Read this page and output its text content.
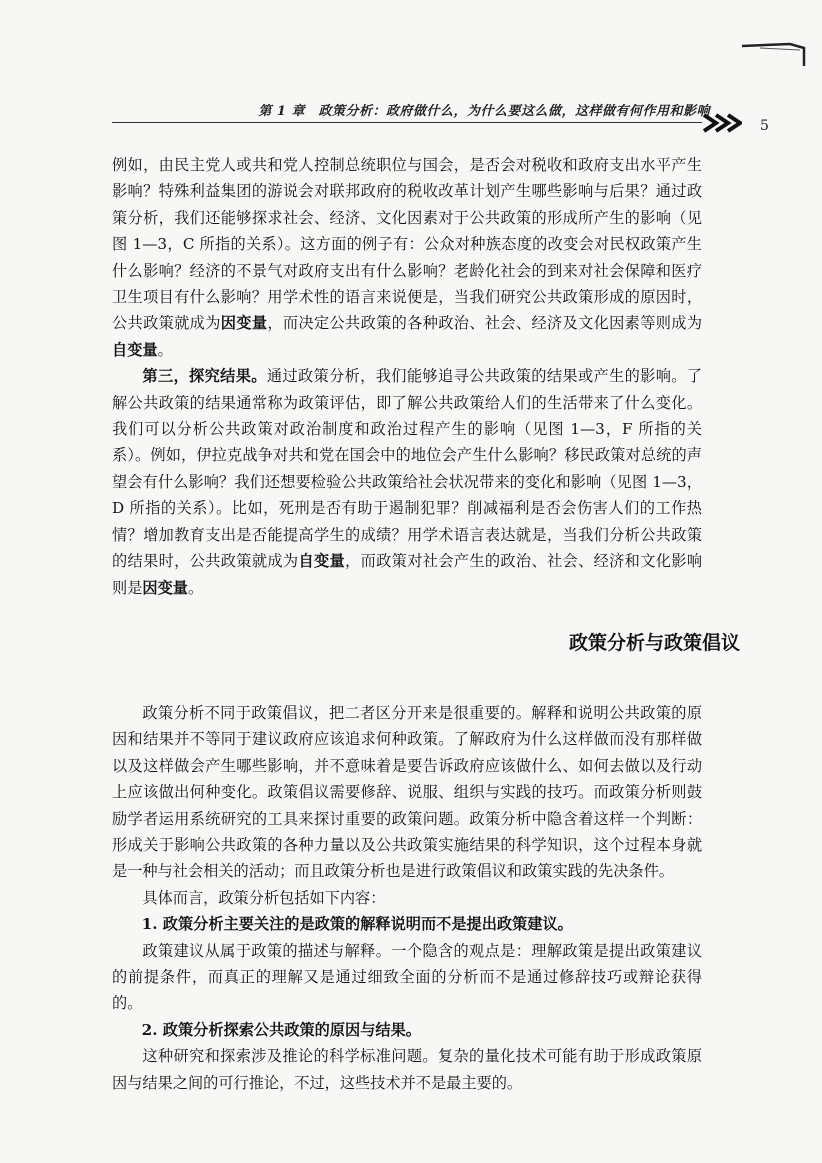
第 1 章　政策分析：政府做什么，为什么要这么做，这样做有何作用和影响
5

例如，由民主党人或共和党人控制总统职位与国会，是否会对税收和政府支出水平产生影响？特殊利益集团的游说会对联邦政府的税收改革计划产生哪些影响与后果？通过政策分析，我们还能够探求社会、经济、文化因素对于公共政策的形成所产生的影响（见图 1—3，C 所指的关系）。这方面的例子有：公众对种族态度的改变会对民权政策产生什么影响？经济的不景气对政府支出有什么影响？老龄化社会的到来对社会保障和医疗卫生项目有什么影响？用学术性的语言来说便是，当我们研究公共政策形成的原因时，公共政策就成为因变量，而决定公共政策的各种政治、社会、经济及文化因素等则成为自变量。

第三，探究结果。通过政策分析，我们能够追寻公共政策的结果或产生的影响。了解公共政策的结果通常称为政策评估，即了解公共政策给人们的生活带来了什么变化。我们可以分析公共政策对政治制度和政治过程产生的影响（见图 1—3，F 所指的关系）。例如，伊拉克战争对共和党在国会中的地位会产生什么影响？移民政策对总统的声望会有什么影响？我们还想要检验公共政策给社会状况带来的变化和影响（见图 1—3，D 所指的关系）。比如，死刑是否有助于遏制犯罪？削减福利是否会伤害人们的工作热情？增加教育支出是否能提高学生的成绩？用学术语言表达就是，当我们分析公共政策的结果时，公共政策就成为自变量，而政策对社会产生的政治、社会、经济和文化影响则是因变量。

政策分析与政策倡议

政策分析不同于政策倡议，把二者区分开来是很重要的。解释和说明公共政策的原因和结果并不等同于建议政府应该追求何种政策。了解政府为什么这样做而没有那样做以及这样做会产生哪些影响，并不意味着是要告诉政府应该做什么、如何去做以及行动上应该做出何种变化。政策倡议需要修辞、说服、组织与实践的技巧。而政策分析则鼓励学者运用系统研究的工具来探讨重要的政策问题。政策分析中隐含着这样一个判断：形成关于影响公共政策的各种力量以及公共政策实施结果的科学知识，这个过程本身就是一种与社会相关的活动；而且政策分析也是进行政策倡议和政策实践的先决条件。

具体而言，政策分析包括如下内容：

1. 政策分析主要关注的是政策的解释说明而不是提出政策建议。

政策建议从属于政策的描述与解释。一个隐含的观点是：理解政策是提出政策建议的前提条件，而真正的理解又是通过细致全面的分析而不是通过修辞技巧或辩论获得的。

2. 政策分析探索公共政策的原因与结果。

这种研究和探索涉及推论的科学标准问题。复杂的量化技术可能有助于形成政策原因与结果之间的可行推论，不过，这些技术并不是最主要的。
